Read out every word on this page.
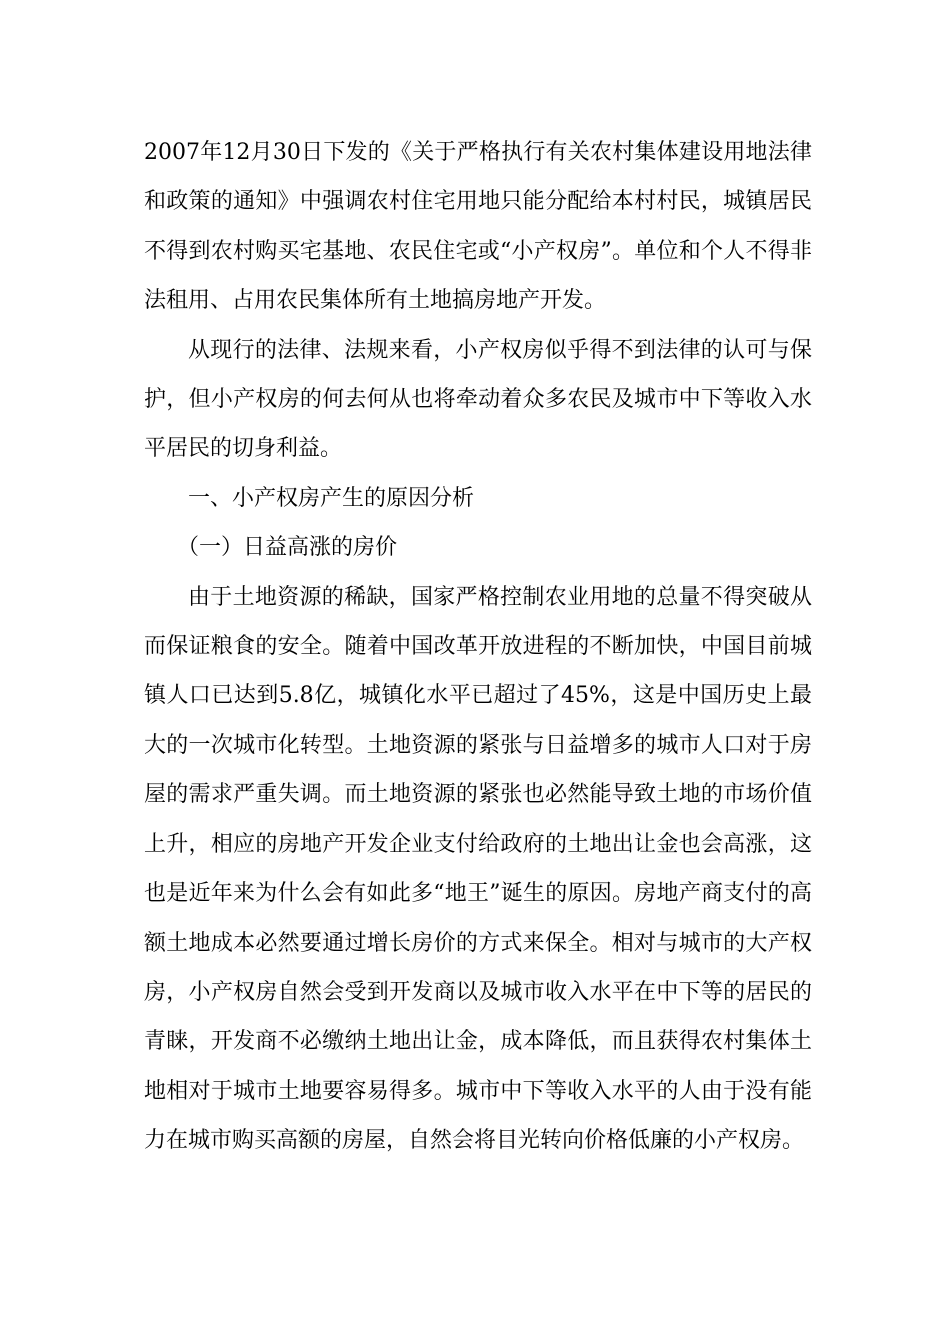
2007年12月30日下发的《关于严格执行有关农村集体建设用地法律和政策的通知》中强调农村住宅用地只能分配给本村村民，城镇居民不得到农村购买宅基地、农民住宅或“小产权房”。单位和个人不得非法租用、占用农民集体所有土地搞房地产开发。

从现行的法律、法规来看，小产权房似乎得不到法律的认可与保护，但小产权房的何去何从也将牵动着众多农民及城市中下等收入水平居民的切身利益。

一、小产权房产生的原因分析

（一）日益高涨的房价

由于土地资源的稀缺，国家严格控制农业用地的总量不得突破从而保证粮食的安全。随着中国改革开放进程的不断加快，中国目前城镇人口已达到5.8亿，城镇化水平已超过了45%，这是中国历史上最大的一次城市化转型。土地资源的紧张与日益增多的城市人口对于房屋的需求严重失调。而土地资源的紧张也必然能导致土地的市场价值上升，相应的房地产开发企业支付给政府的土地出让金也会高涨，这也是近年来为什么会有如此多“地王”诞生的原因。房地产商支付的高额土地成本必然要通过增长房价的方式来保全。相对与城市的大产权房，小产权房自然会受到开发商以及城市收入水平在中下等的居民的青睐，开发商不必缴纳土地出让金，成本降低，而且获得农村集体土地相对于城市土地要容易得多。城市中下等收入水平的人由于没有能力在城市购买高额的房屋，自然会将目光转向价格低廉的小产权房。
